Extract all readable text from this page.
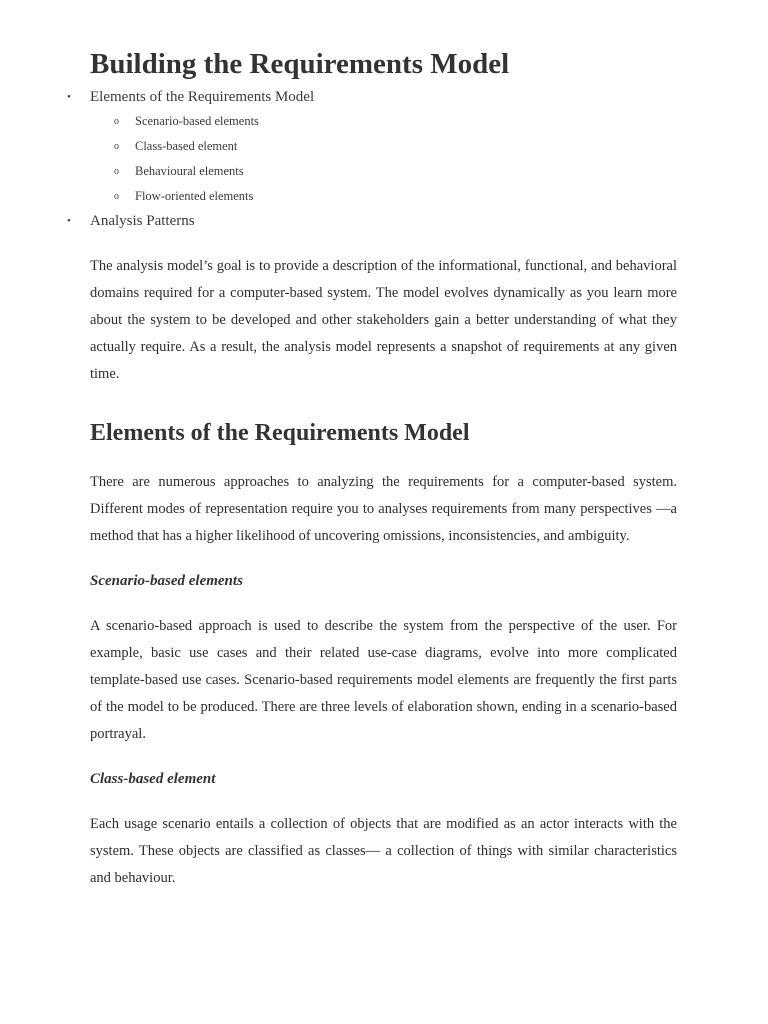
Building the Requirements Model
• Elements of the Requirements Model
o Scenario-based elements
o Class-based element
o Behavioural elements
o Flow-oriented elements
• Analysis Patterns

The analysis model’s goal is to provide a description of the informational, functional, and behavioral domains required for a computer-based system. The model evolves dynamically as you learn more about the system to be developed and other stakeholders gain a better understanding of what they actually require. As a result, the analysis model represents a snapshot of requirements at any given time.

Elements of the Requirements Model

There are numerous approaches to analyzing the requirements for a computer-based system. Different modes of representation require you to analyses requirements from many perspectives —a method that has a higher likelihood of uncovering omissions, inconsistencies, and ambiguity.

Scenario-based elements

A scenario-based approach is used to describe the system from the perspective of the user. For example, basic use cases and their related use-case diagrams, evolve into more complicated template-based use cases. Scenario-based requirements model elements are frequently the first parts of the model to be produced. There are three levels of elaboration shown, ending in a scenario-based portrayal.

Class-based element

Each usage scenario entails a collection of objects that are modified as an actor interacts with the system. These objects are classified as classes— a collection of things with similar characteristics and behaviour.
